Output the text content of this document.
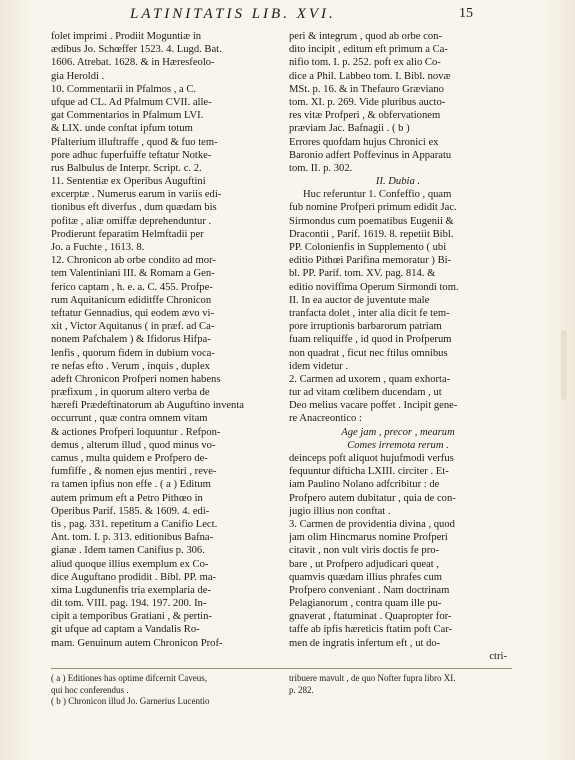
LATINITATIS LIB. XVI.	15
folet imprimi . Prodiit Moguntiæ in
ædibus Jo. Schœffer 1523. 4. Lugd. Bat.
1606. Atrebat. 1628. & in Hæresfeolo-
gia Heroldi .
10. Commentarii in Pfalmos , a C.
ufque ad CL. Ad Pfalmum CVII. alle-
gat Commentarios in Pfalmum LVI.
& LIX. unde conftat ipfum totum
Pfalterium illuftraffe , quod & fuo tem-
pore adhuc fuperfuiffe teftatur Notke-
rus Balbulus de Interpr. Script. c. 2.
11. Sententiæ ex Operibus Auguftini
excerptæ . Numerus earum in variis edi-
tionibus eft diverfus , dum quædam bis
pofitæ , aliæ omiffæ deprehenduntur .
Prodierunt feparatim Helmftadii per
Jo. a Fuchte , 1613. 8.
12. Chronicon ab orbe condito ad mor-
tem Valentiniani III. & Romam a Gen-
ferico captam , h. e. a. C. 455. Profpe-
rum Aquitanicum ediditffe Chronicon
teftatur Gennadius, qui eodem ævo vi-
xit , Victor Aquitanus ( in præf. ad Ca-
nonem Pafchalem ) & Ifidorus Hifpa-
lenfis , quorum fidem in dubium voca-
re nefas efto . Verum , inquis , duplex
adeft Chronicon Profperi nomen habens
præfixum , in quorum altero verba de
hærefi Prædeftinatorum ab Auguftino inventa
occurrunt , quæ contra omnem vitam
& actiones Profperi loquuntur . Refpon-
demus , alterum illud , quod minus vo-
camus , multa quidem e Profpero de-
fumfiffe , & nomen ejus mentiri , reve-
ra tamen ipfius non effe . ( a ) Editum
autem primum eft a Petro Pithœo in
Operibus Parif. 1585. & 1609. 4. edi-
tis , pag. 331. repetitum a Canifio Lect.
Ant. tom. I. p. 313. editionibus Bafna-
gianæ . Idem tamen Canifius p. 306.
aliud quoque illius exemplum ex Co-
dice Auguftano prodidit . Bibl. PP. ma-
xima Lugdunenfis tria exemplaria de-
dit tom. VIII. pag. 194. 197. 200. In-
cipit a temporibus Gratiani , & pertin-
git ufque ad captam a Vandalis Ro-
mam. Genuinum autem Chronicon Prof-
peri & integrum , quod ab orbe con-
dito incipit , editum eft primum a Ca-
nifio tom. I. p. 252. poft ex alio Co-
dice a Phil. Labbeo tom. I. Bibl. novæ
MSt. p. 16. & in Thefauro Græviano
tom. XI. p. 269. Vide pluribus aucto-
res vitæ Profperi , & obfervationem
præviam Jac. Bafnagii . ( b )
Errores quofdam hujus Chronici ex
Baronio adfert Poffevinus in Apparatu
tom. II. p. 302.
II. Dubia .
Huc referuntur 1. Confeffio , quam
fub nomine Profperi primum edidit Jac.
Sirmondus cum poematibus Eugenii &
Dracontii , Parif. 1619. 8. repetiit Bibl.
PP. Colonienfis in Supplemento ( ubi
editio Pithœi Parifina memoratur ) Bi-
bl. PP. Parif. tom. XV. pag. 814. &
editio noviffima Operum Sirmondi tom.
II. In ea auctor de juventute male
tranfacta dolet , inter alia dicit fe tem-
pore irruptionis barbarorum patriam
fuam reliquiffe , id quod in Profperum
non quadrat , ficut nec ftilus omnibus
idem videtur .
2. Carmen ad uxorem , quam exhorta-
tur ad vitam cœlibem ducendam , ut
Deo melius vacare poffet . Incipit gene-
re Anacreontico :
Age jam , precor , mearum
Comes irremota rerum .
deinceps poft aliquot hujufmodi verfus
fequuntur difticha LXIII. circiter . Et-
iam Paulino Nolano adfcribitur : de
Profpero autem dubitatur , quia de con-
jugio illius non conftat .
3. Carmen de providentia divina , quod
jam olim Hincmarus nomine Profperi
citavit , non vult viris doctis fe pro-
bare , ut Profpero adjudicari queat ,
quamvis quædam illius phrafes cum
Profpero conveniant . Nam doctrinam
Pelagianorum , contra quam ille pu-
gnaverat , ftatuminat . Quapropter for-
taffe ab ipfis hæreticis ftatim poft Car-
men de ingratis infertum eft , ut do-
ctri-
( a ) Editiones has optime difcernit Caveus,
qui hoc conferendus .
( b ) Chronicon illud Jo. Garnerius Lucentio
tribuere mavult , de quo Nofter fupra libro XI.
p. 282.
